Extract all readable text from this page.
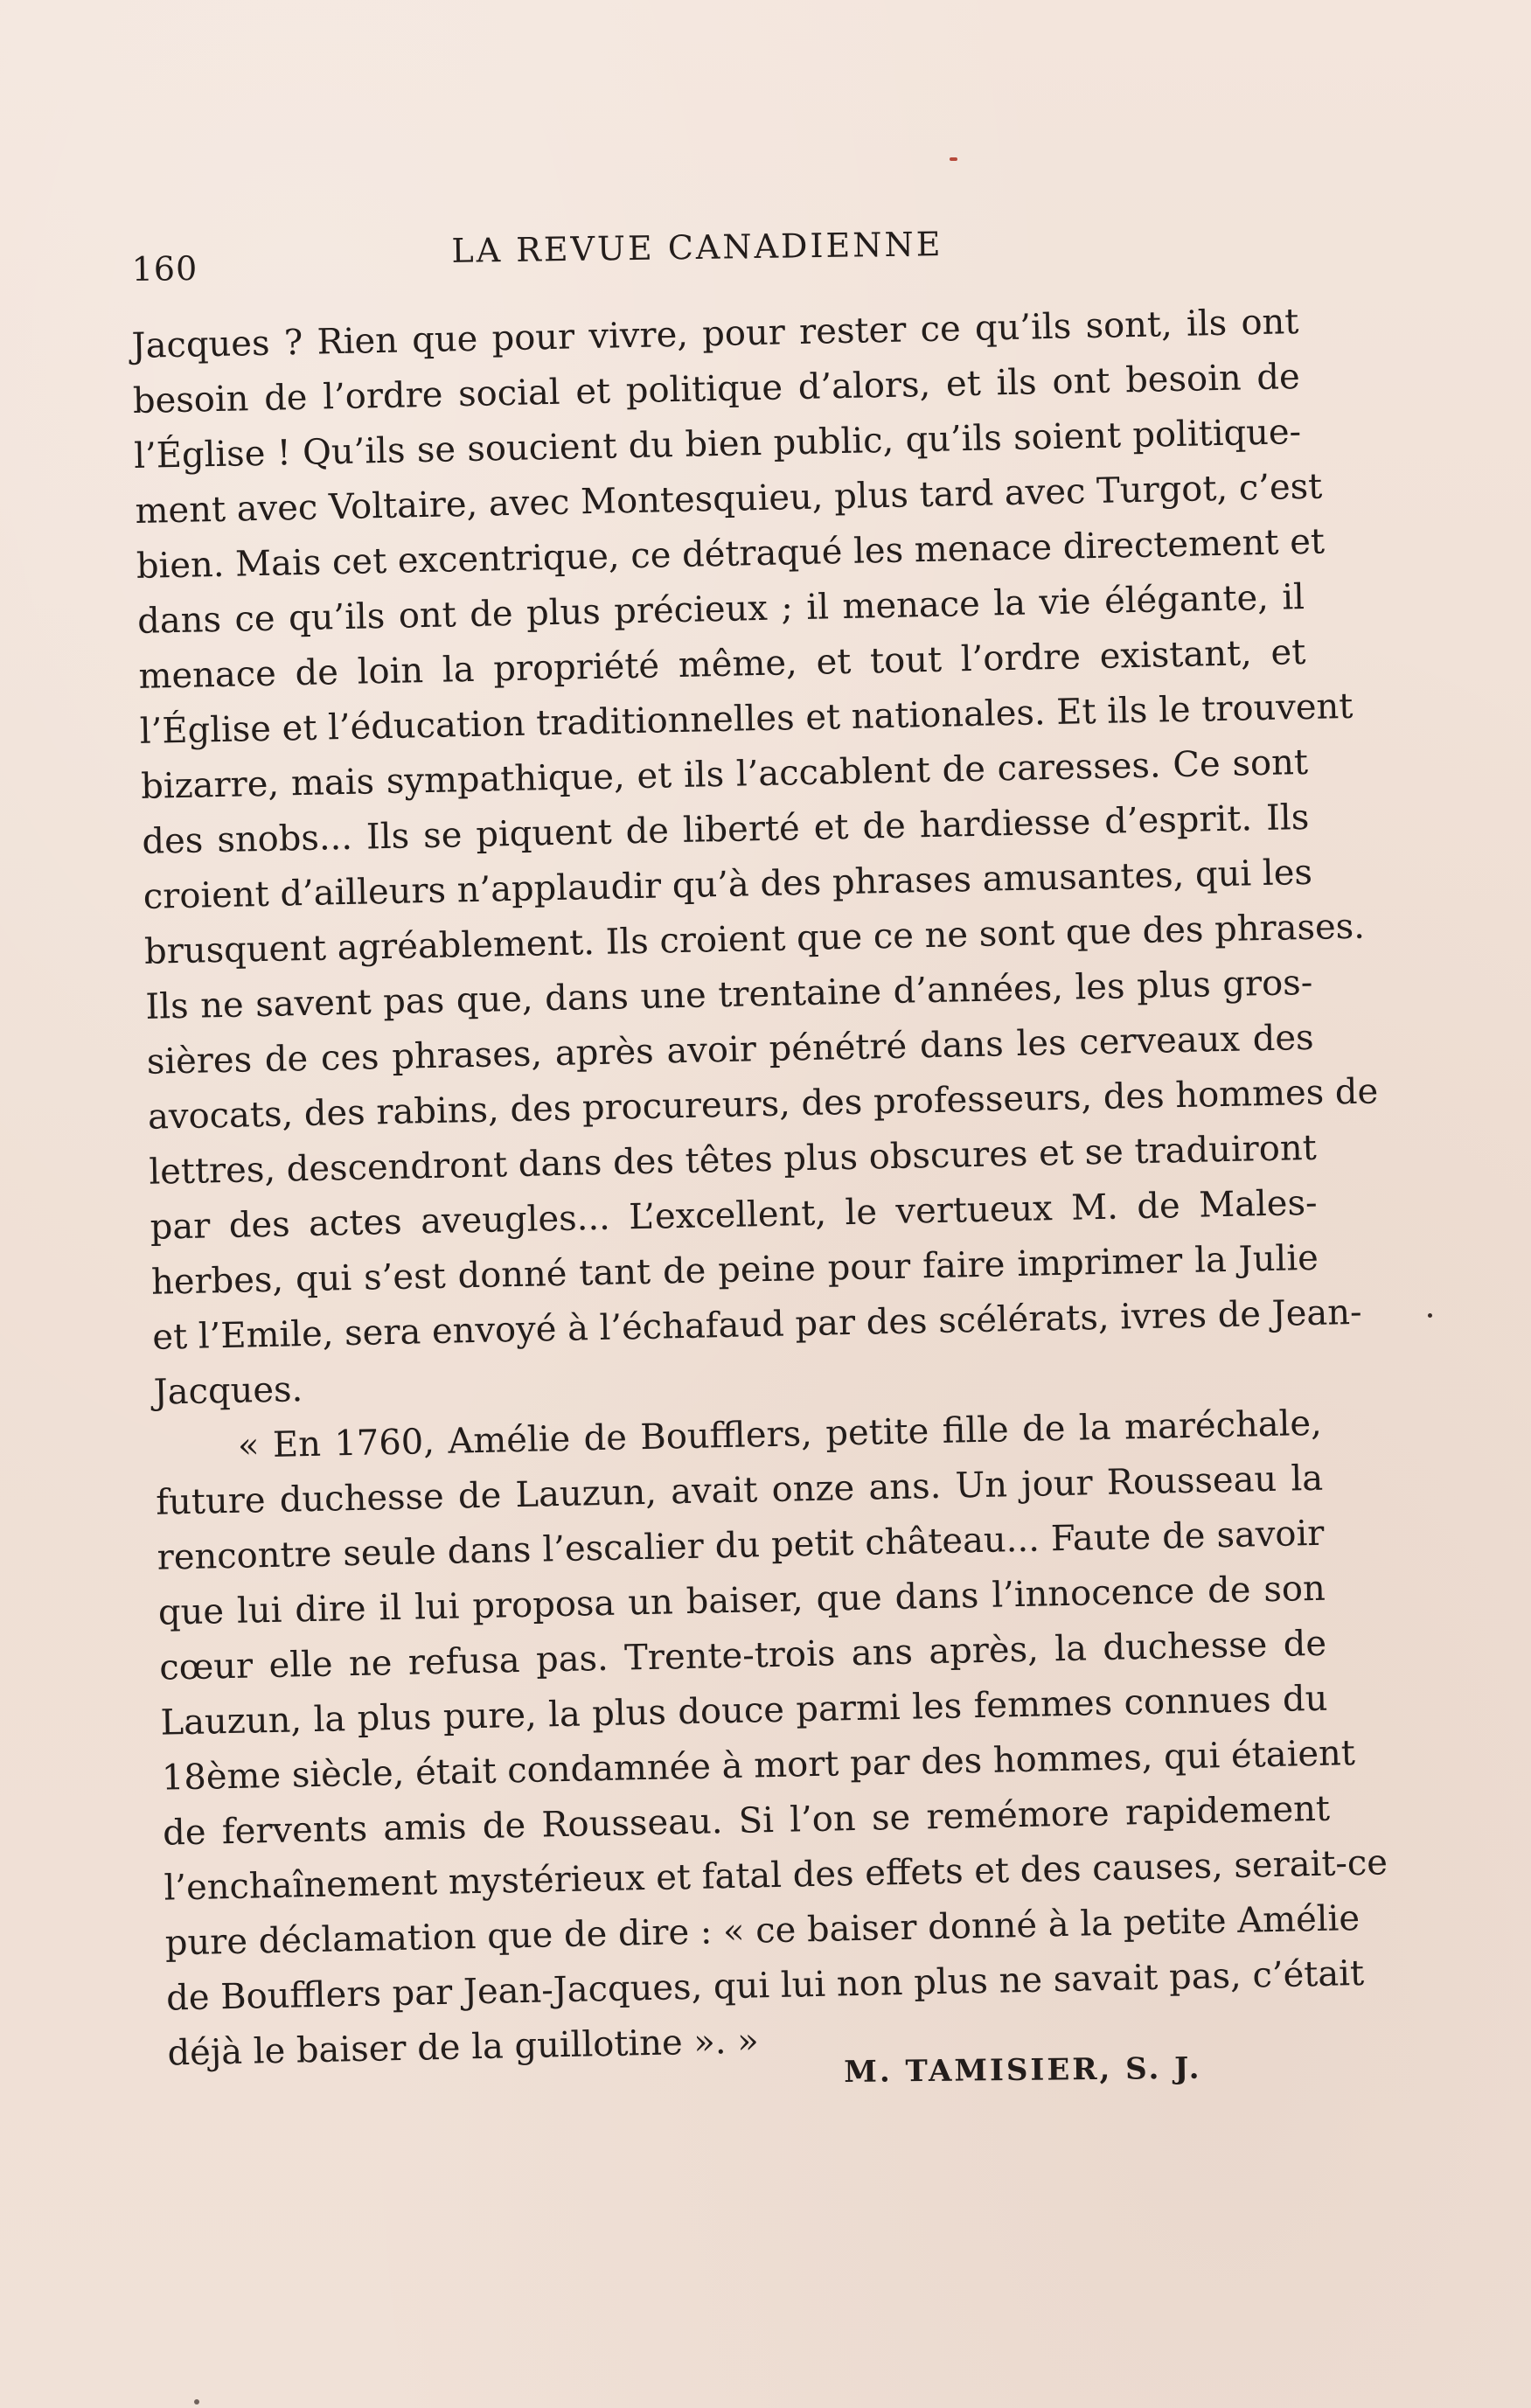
160	LA REVUE CANADIENNE
Jacques ? Rien que pour vivre, pour rester ce qu’ils sont, ils ont
besoin de l’ordre social et politique d’alors, et ils ont besoin de
l’Église ! Qu’ils se soucient du bien public, qu’ils soient politique-
ment avec Voltaire, avec Montesquieu, plus tard avec Turgot, c’est
bien. Mais cet excentrique, ce détraqué les menace directement et
dans ce qu’ils ont de plus précieux ; il menace la vie élégante, il
menace de loin la propriété même, et tout l’ordre existant, et
l’Église et l’éducation traditionnelles et nationales. Et ils le trouvent
bizarre, mais sympathique, et ils l’accablent de caresses. Ce sont
des snobs... Ils se piquent de liberté et de hardiesse d’esprit. Ils
croient d’ailleurs n’applaudir qu’à des phrases amusantes, qui les
brusquent agréablement. Ils croient que ce ne sont que des phrases.
Ils ne savent pas que, dans une trentaine d’années, les plus gros-
sières de ces phrases, après avoir pénétré dans les cerveaux des
avocats, des rabins, des procureurs, des professeurs, des hommes de
lettres, descendront dans des têtes plus obscures et se traduiront
par des actes aveugles... L’excellent, le vertueux M. de Males-
herbes, qui s’est donné tant de peine pour faire imprimer la Julie
et l’Emile, sera envoyé à l’échafaud par des scélérats, ivres de Jean-
Jacques.
« En 1760, Amélie de Boufflers, petite fille de la maréchale,
future duchesse de Lauzun, avait onze ans. Un jour Rousseau la
rencontre seule dans l’escalier du petit château... Faute de savoir
que lui dire il lui proposa un baiser, que dans l’innocence de son
cœur elle ne refusa pas. Trente-trois ans après, la duchesse de
Lauzun, la plus pure, la plus douce parmi les femmes connues du
18ème siècle, était condamnée à mort par des hommes, qui étaient
de fervents amis de Rousseau. Si l’on se remémore rapidement
l’enchaînement mystérieux et fatal des effets et des causes, serait-ce
pure déclamation que de dire : « ce baiser donné à la petite Amélie
de Boufflers par Jean-Jacques, qui lui non plus ne savait pas, c’était
déjà le baiser de la guillotine ». »	M. TAMISIER, S. J.
